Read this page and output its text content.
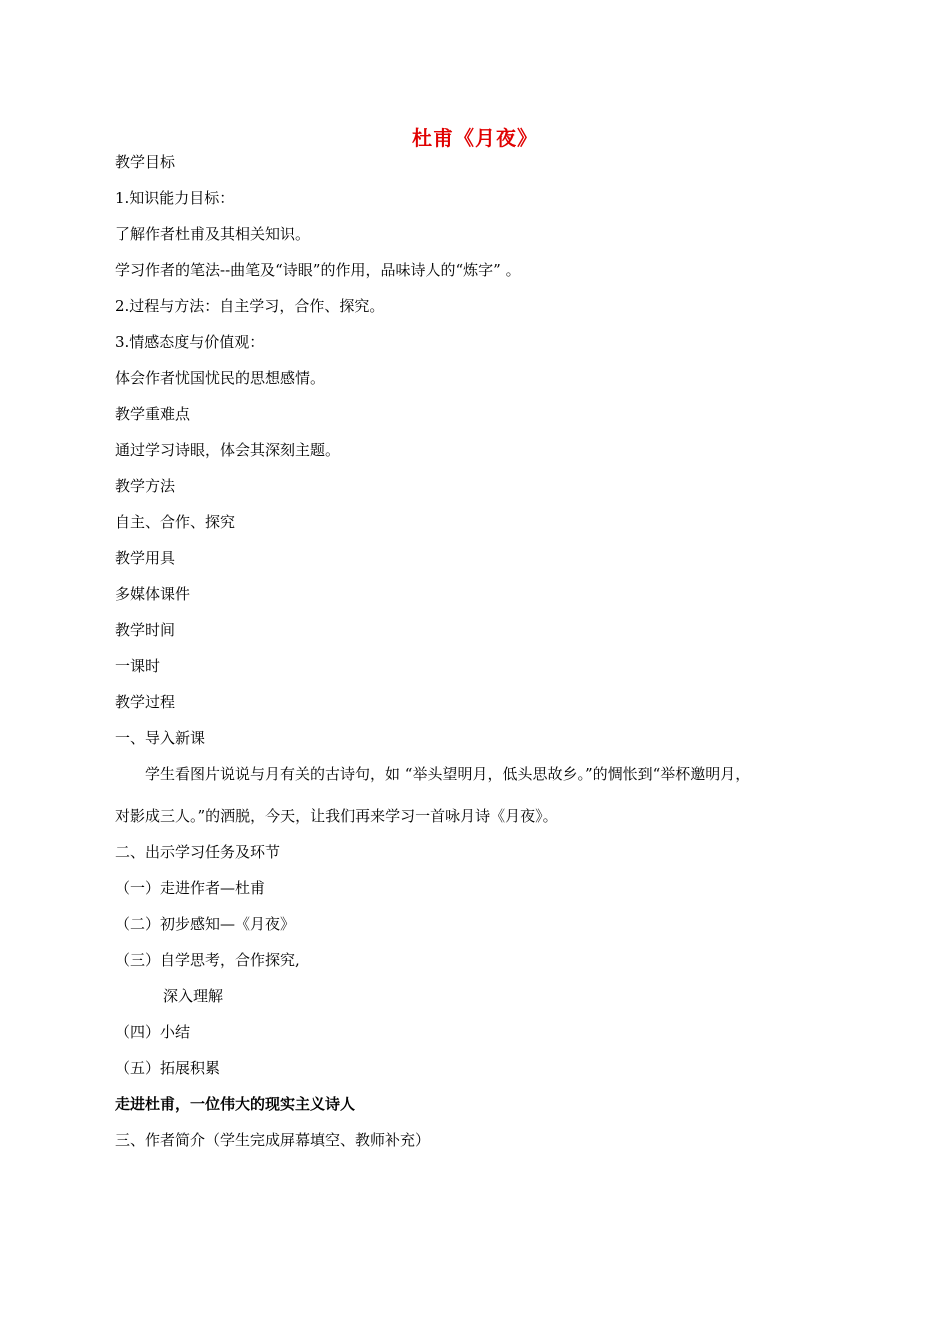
杜甫《月夜》
教学目标
1.知识能力目标：
了解作者杜甫及其相关知识。
学习作者的笔法--曲笔及“诗眼”的作用，品味诗人的“炼字” 。
2.过程与方法：自主学习，合作、探究。
3.情感态度与价值观：
体会作者忧国忧民的思想感情。
教学重难点
通过学习诗眼，体会其深刻主题。
教学方法
自主、合作、探究
教学用具
多媒体课件
教学时间
一课时
教学过程
一、导入新课
学生看图片说说与月有关的古诗句，如 “举头望明月，低头思故乡。”的惆怅到“举杯邀明月，
对影成三人。”的洒脱，今天，让我们再来学习一首咏月诗《月夜》。
二、出示学习任务及环节
（一）走进作者—杜甫
（二）初步感知—《月夜》
（三）自学思考，合作探究,
深入理解
（四）小结
（五）拓展积累
走进杜甫，一位伟大的现实主义诗人
三、作者简介（学生完成屏幕填空、教师补充）
